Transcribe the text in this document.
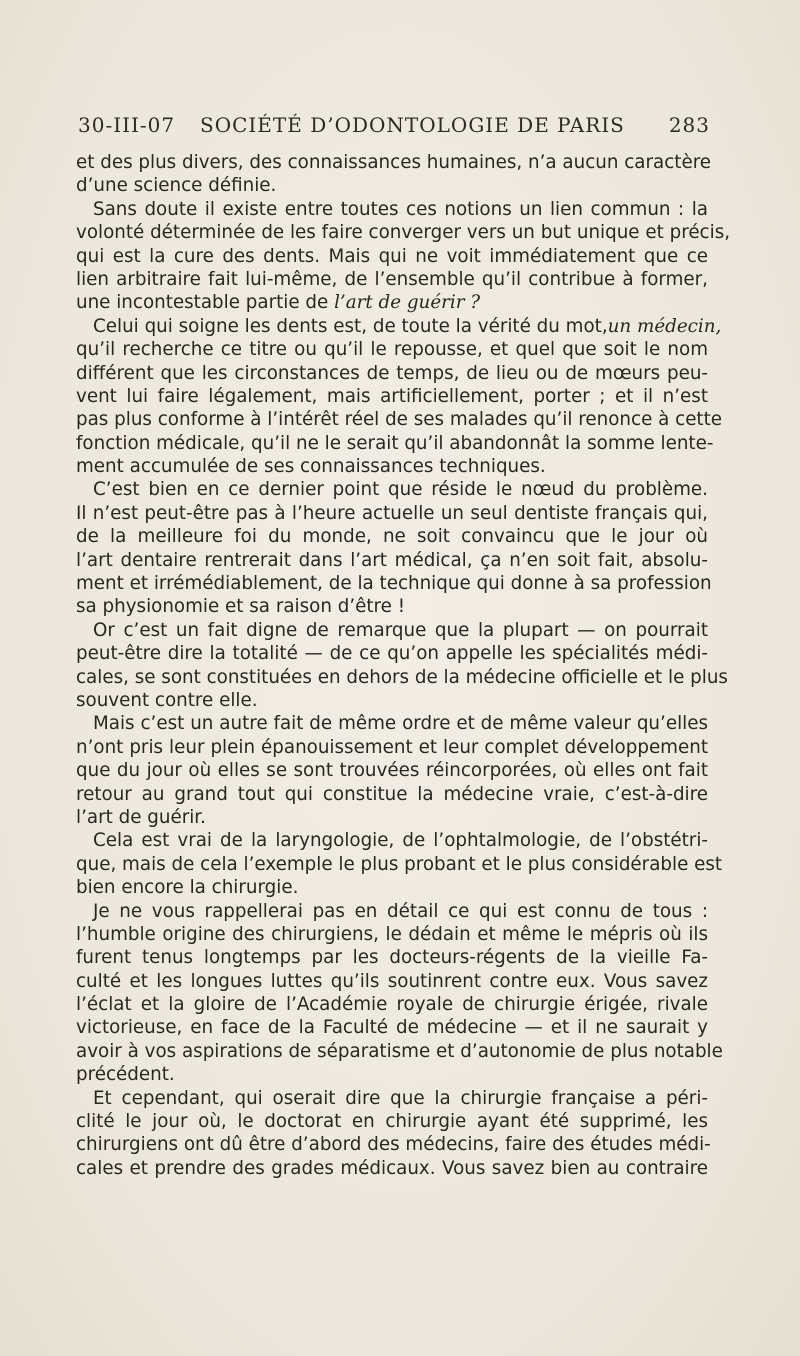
30-III-07 SOCIÉTÉ D’ODONTOLOGIE DE PARIS 283
et des plus divers, des connaissances humaines, n’a aucun caractère
d’une science définie.
Sans doute il existe entre toutes ces notions un lien commun : la
volonté déterminée de les faire converger vers un but unique et précis,
qui est la cure des dents. Mais qui ne voit immédiatement que ce
lien arbitraire fait lui-même, de l’ensemble qu’il contribue à former,
une incontestable partie de l’art de guérir ?
Celui qui soigne les dents est, de toute la vérité du mot,un médecin,
qu’il recherche ce titre ou qu’il le repousse, et quel que soit le nom
différent que les circonstances de temps, de lieu ou de mœurs peu-
vent lui faire légalement, mais artificiellement, porter ; et il n’est
pas plus conforme à l’intérêt réel de ses malades qu’il renonce à cette
fonction médicale, qu’il ne le serait qu’il abandonnât la somme lente-
ment accumulée de ses connaissances techniques.
C’est bien en ce dernier point que réside le nœud du problème.
Il n’est peut-être pas à l’heure actuelle un seul dentiste français qui,
de la meilleure foi du monde, ne soit convaincu que le jour où
l’art dentaire rentrerait dans l’art médical, ça n’en soit fait, absolu-
ment et irrémédiablement, de la technique qui donne à sa profession
sa physionomie et sa raison d’être !
Or c’est un fait digne de remarque que la plupart — on pourrait
peut-être dire la totalité — de ce qu’on appelle les spécialités médi-
cales, se sont constituées en dehors de la médecine officielle et le plus
souvent contre elle.
Mais c’est un autre fait de même ordre et de même valeur qu’elles
n’ont pris leur plein épanouissement et leur complet développement
que du jour où elles se sont trouvées réincorporées, où elles ont fait
retour au grand tout qui constitue la médecine vraie, c’est-à-dire
l’art de guérir.
Cela est vrai de la laryngologie, de l’ophtalmologie, de l’obstétri-
que, mais de cela l’exemple le plus probant et le plus considérable est
bien encore la chirurgie.
Je ne vous rappellerai pas en détail ce qui est connu de tous :
l’humble origine des chirurgiens, le dédain et même le mépris où ils
furent tenus longtemps par les docteurs-régents de la vieille Fa-
culté et les longues luttes qu’ils soutinrent contre eux. Vous savez
l’éclat et la gloire de l’Académie royale de chirurgie érigée, rivale
victorieuse, en face de la Faculté de médecine — et il ne saurait y
avoir à vos aspirations de séparatisme et d’autonomie de plus notable
précédent.
Et cependant, qui oserait dire que la chirurgie française a péri-
clité le jour où, le doctorat en chirurgie ayant été supprimé, les
chirurgiens ont dû être d’abord des médecins, faire des études médi-
cales et prendre des grades médicaux. Vous savez bien au contraire
